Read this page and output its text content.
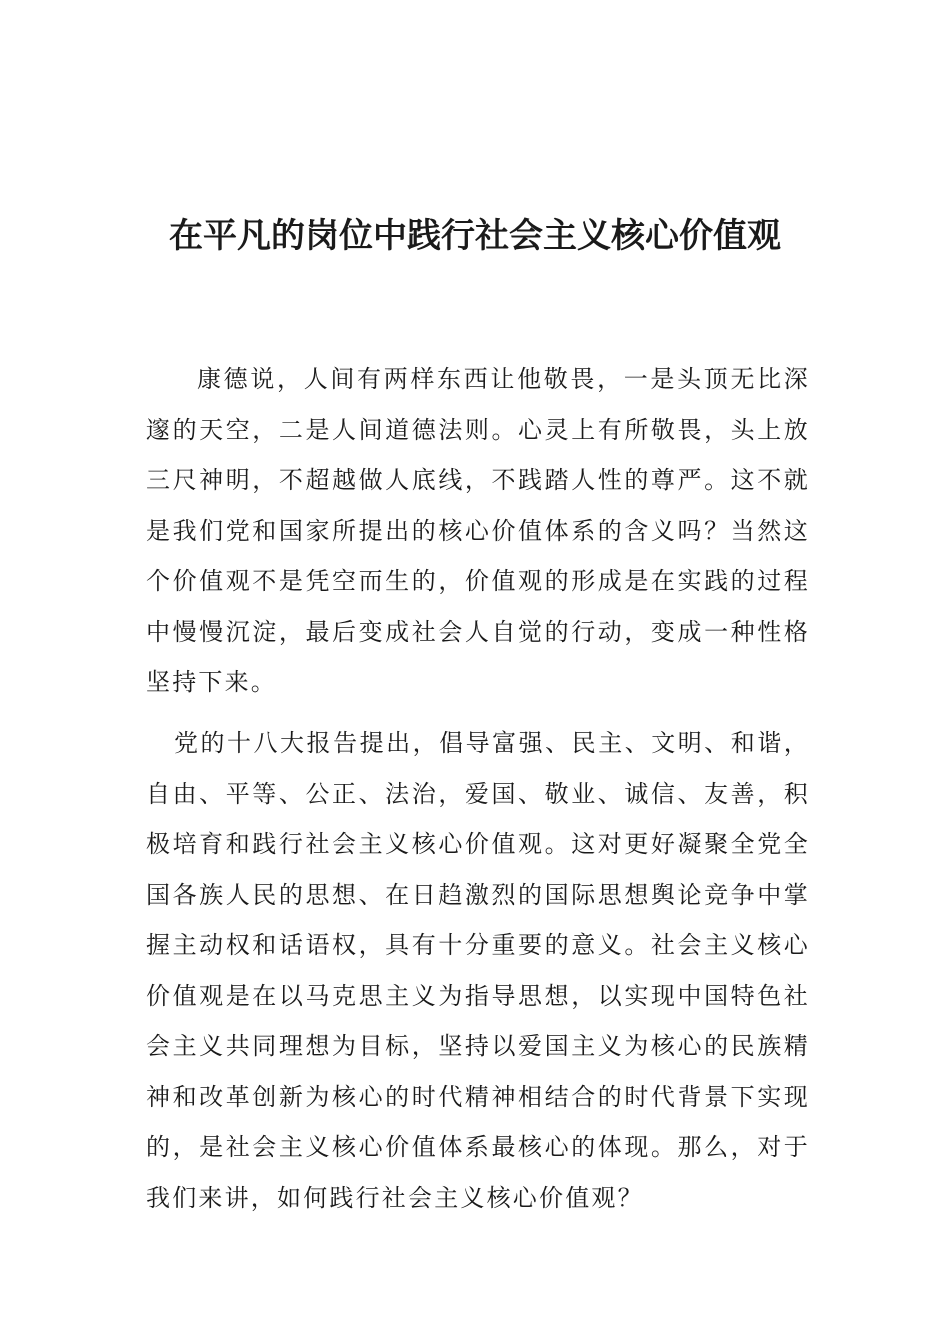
在平凡的岗位中践行社会主义核心价值观
康德说，人间有两样东西让他敬畏，一是头顶无比深邃的天空，二是人间道德法则。心灵上有所敬畏，头上放三尺神明，不超越做人底线，不践踏人性的尊严。这不就是我们党和国家所提出的核心价值体系的含义吗？当然这个价值观不是凭空而生的，价值观的形成是在实践的过程中慢慢沉淀，最后变成社会人自觉的行动，变成一种性格坚持下来。
党的十八大报告提出，倡导富强、民主、文明、和谐，自由、平等、公正、法治，爱国、敬业、诚信、友善，积极培育和践行社会主义核心价值观。这对更好凝聚全党全国各族人民的思想、在日趋激烈的国际思想舆论竞争中掌握主动权和话语权，具有十分重要的意义。社会主义核心价值观是在以马克思主义为指导思想，以实现中国特色社会主义共同理想为目标，坚持以爱国主义为核心的民族精神和改革创新为核心的时代精神相结合的时代背景下实现的，是社会主义核心价值体系最核心的体现。那么，对于我们来讲，如何践行社会主义核心价值观？
